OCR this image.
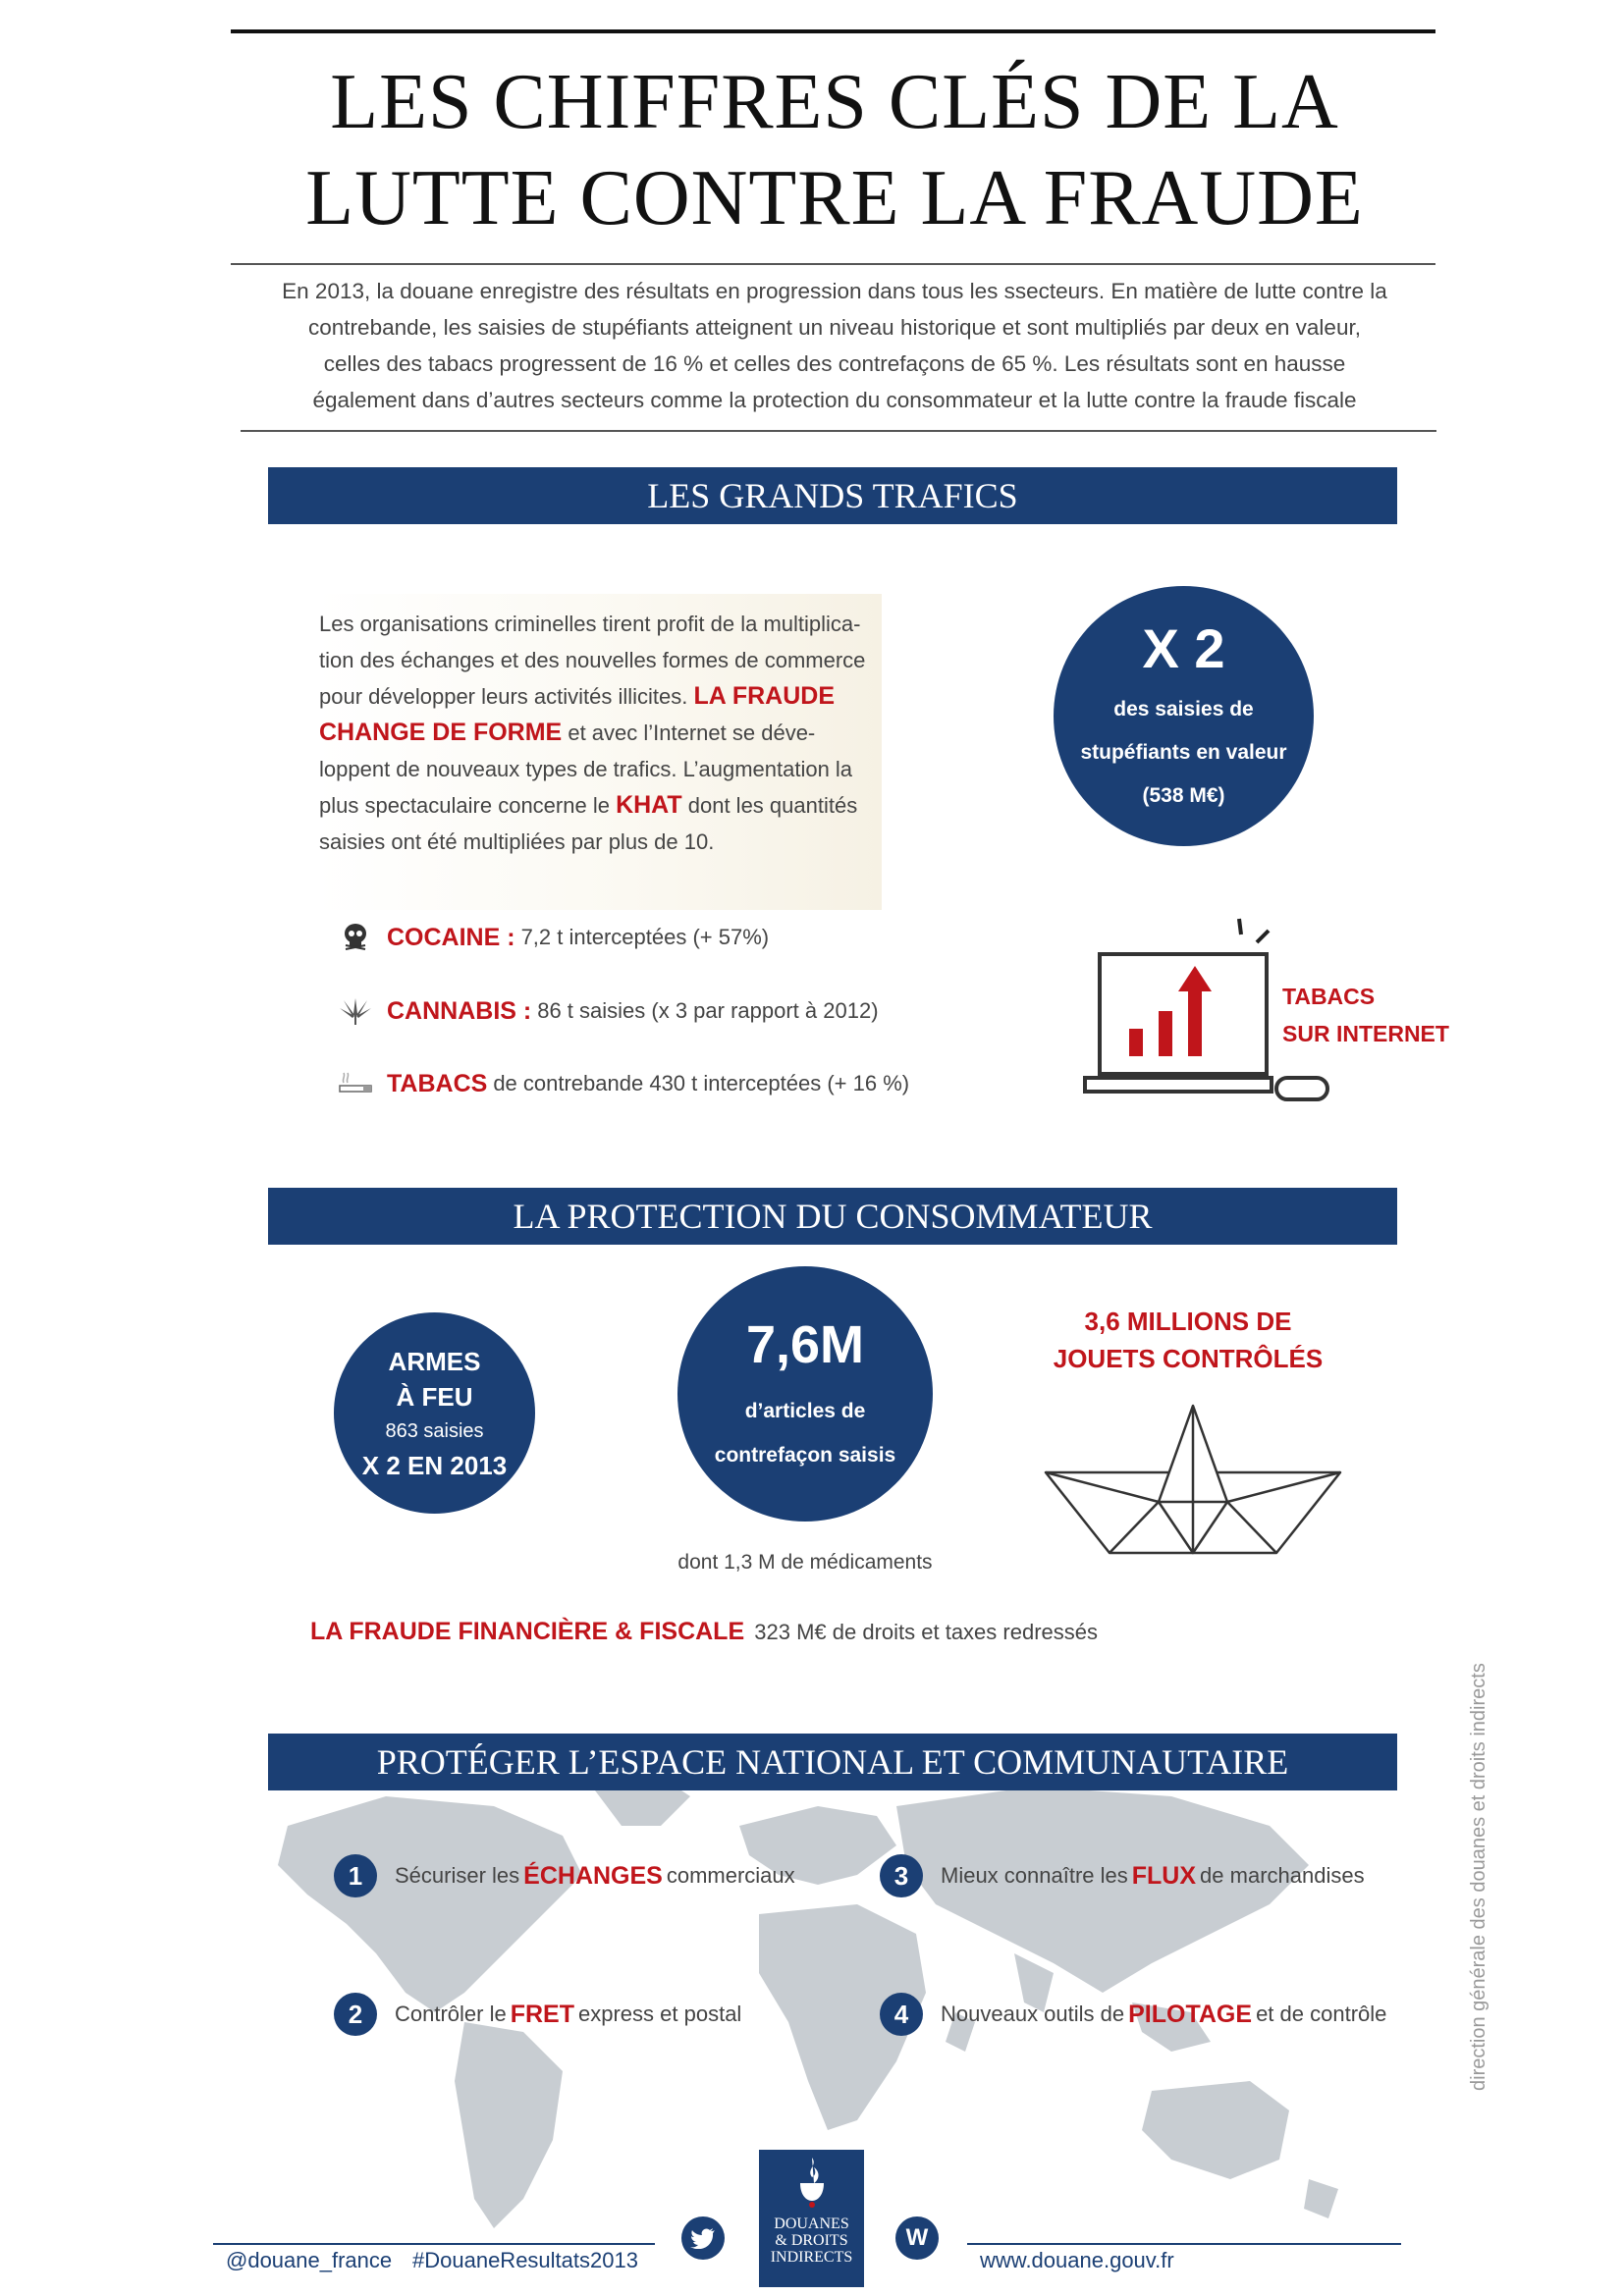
LES CHIFFRES CLÉS DE LA
LUTTE CONTRE LA FRAUDE
En 2013, la douane enregistre des résultats en progression dans tous les ssecteurs. En matière de lutte contre la
contrebande, les saisies de stupéfiants atteignent un niveau historique et sont multipliés par deux en valeur,
celles des tabacs progressent de 16 % et celles des contrefaçons de 65 %. Les résultats sont en hausse
également dans d’autres secteurs comme la protection du consommateur et la lutte contre la fraude fiscale
LES GRANDS TRAFICS
Les organisations criminelles tirent profit de la multiplica-
tion des échanges et des nouvelles formes de commerce
pour développer leurs activités illicites. LA FRAUDE
CHANGE DE FORME et avec l’Internet se déve-
loppent de nouveaux types de trafics. L’augmentation la
plus spectaculaire concerne le KHAT dont les quantités
saisies ont été multipliées par plus de 10.
X 2
des saisies de
stupéfiants en valeur
(538 M€)
COCAINE : 7,2 t interceptées (+ 57%)
CANNABIS : 86 t saisies (x 3 par rapport à 2012)
TABACS de contrebande 430 t interceptées (+ 16 %)
TABACS
SUR INTERNET
LA PROTECTION DU CONSOMMATEUR
ARMES
À FEU
863 saisies
X 2 EN 2013
7,6M
d’articles de
contrefaçon saisis
dont 1,3 M de médicaments
3,6 MILLIONS DE
JOUETS CONTRÔLÉS
LA FRAUDE FINANCIÈRE & FISCALE 323 M€ de droits et taxes redressés
PROTÉGER L’ESPACE NATIONAL ET COMMUNAUTAIRE
1	Sécuriser les ÉCHANGES commerciaux
2	Contrôler le FRET express et postal
3	Mieux connaître les FLUX de marchandises
4	Nouveaux outils de PILOTAGE et de contrôle	direction générale des douanes et droits indirects
@douane_france #DouaneResultats2013
DOUANES
& DROITS
INDIRECTS
W
www.douane.gouv.fr
